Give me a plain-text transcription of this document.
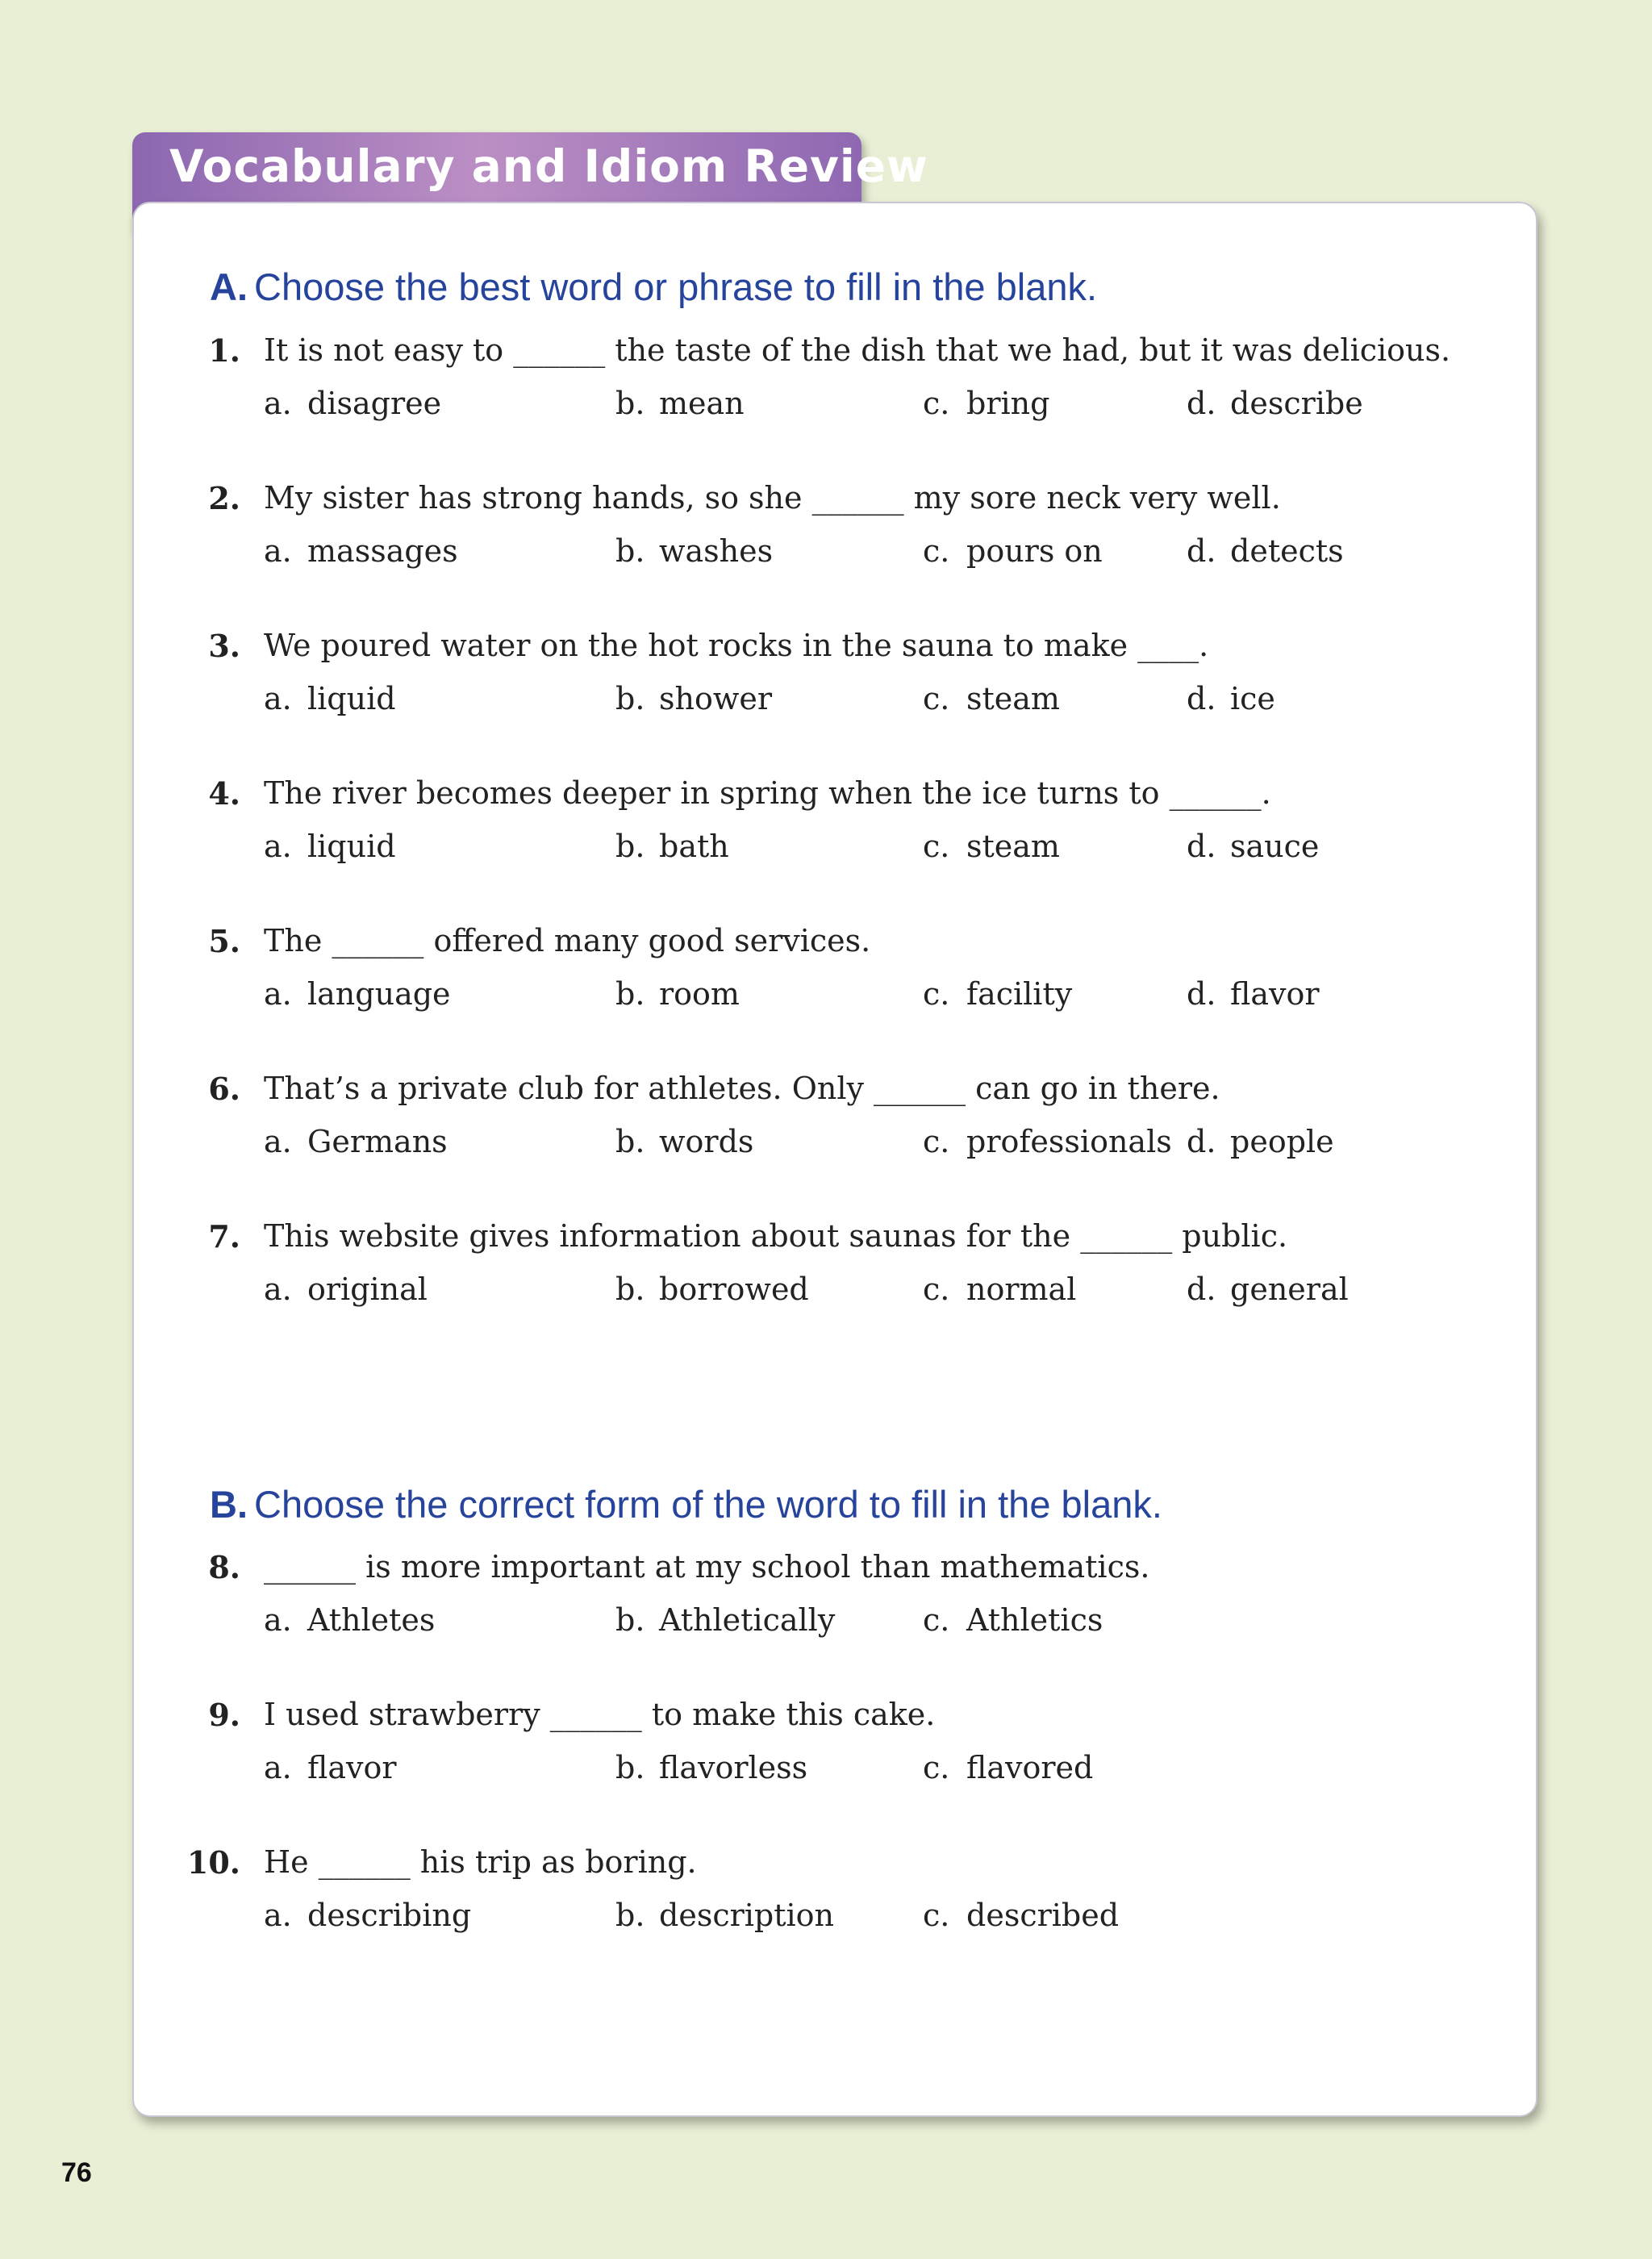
Vocabulary and Idiom Review
A. Choose the best word or phrase to fill in the blank.
1. It is not easy to ______ the taste of the dish that we had, but it was delicious.
a. disagree	b. mean	c. bring	d. describe
2. My sister has strong hands, so she ______ my sore neck very well.
a. massages	b. washes	c. pours on	d. detects
3. We poured water on the hot rocks in the sauna to make ____.
a. liquid	b. shower	c. steam	d. ice
4. The river becomes deeper in spring when the ice turns to ______.
a. liquid	b. bath	c. steam	d. sauce
5. The ______ offered many good services.
a. language	b. room	c. facility	d. flavor
6. That’s a private club for athletes. Only ______ can go in there.
a. Germans	b. words	c. professionals d. people
7. This website gives information about saunas for the ______ public.
a. original	b. borrowed	c. normal	d. general
B. Choose the correct form of the word to fill in the blank.
8. ______ is more important at my school than mathematics.
a. Athletes	b. Athletically	c. Athletics
9. I used strawberry ______ to make this cake.
a. flavor	b. flavorless	c. flavored
10. He ______ his trip as boring.
a. describing	b. description	c. described
76
